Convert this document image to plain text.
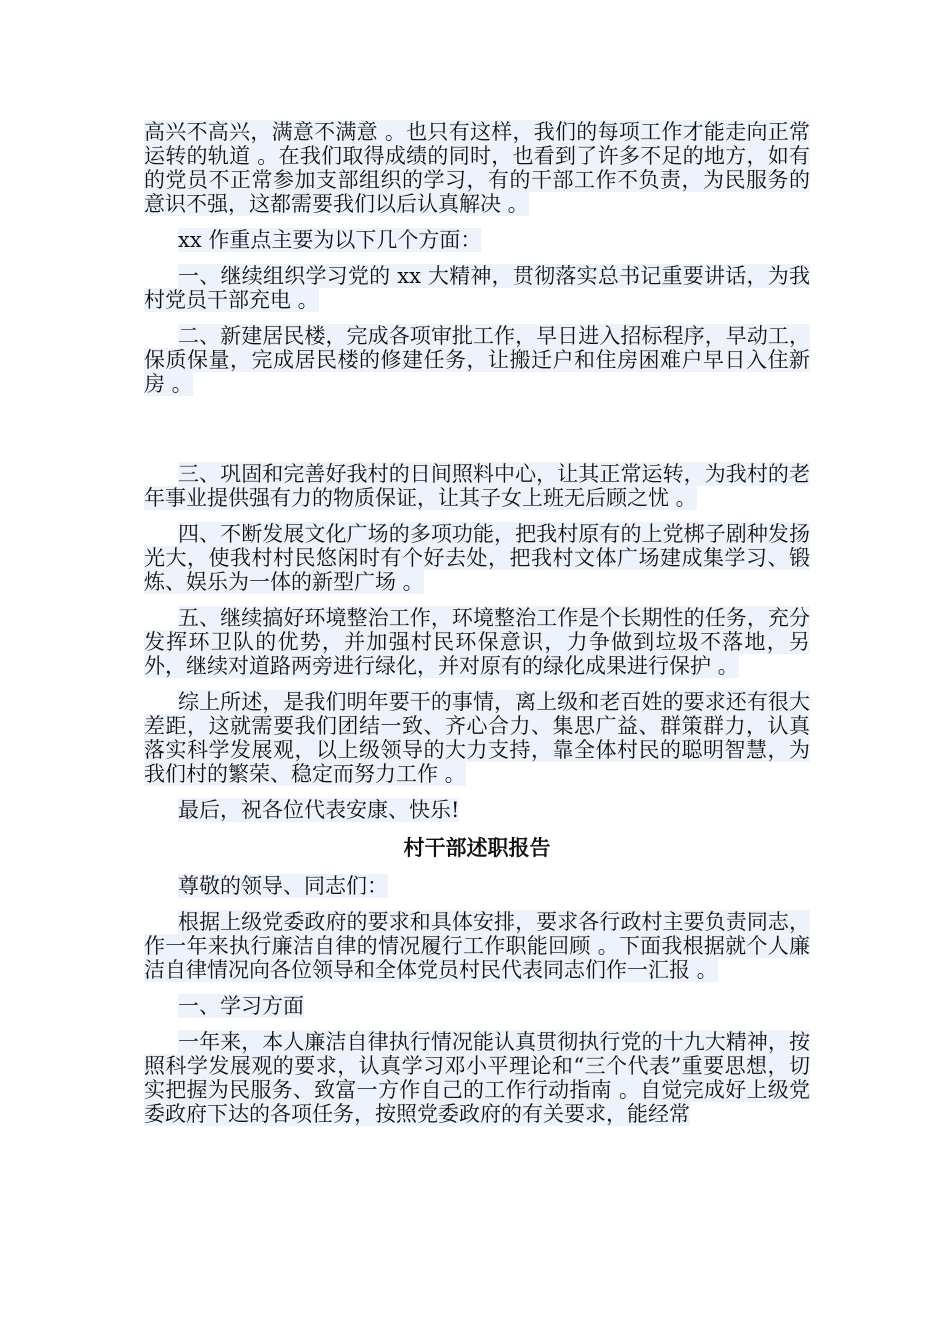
高兴不高兴，满意不满意 。也只有这样，我们的每项工作才能走向正常运转的轨道 。在我们取得成绩的同时，也看到了许多不足的地方，如有的党员不正常参加支部组织的学习，有的干部工作不负责，为民服务的意识不强，这都需要我们以后认真解决 。

xx 作重点主要为以下几个方面：

一、继续组织学习党的 xx 大精神，贯彻落实总书记重要讲话，为我村党员干部充电 。

二、新建居民楼，完成各项审批工作，早日进入招标程序，早动工，保质保量，完成居民楼的修建任务，让搬迁户和住房困难户早日入住新房 。

三、巩固和完善好我村的日间照料中心，让其正常运转，为我村的老年事业提供强有力的物质保证，让其子女上班无后顾之忧 。

四、不断发展文化广场的多项功能，把我村原有的上党梆子剧种发扬光大，使我村村民悠闲时有个好去处，把我村文体广场建成集学习、锻炼、娱乐为一体的新型广场 。

五、继续搞好环境整治工作，环境整治工作是个长期性的任务，充分发挥环卫队的优势，并加强村民环保意识，力争做到垃圾不落地，另外，继续对道路两旁进行绿化，并对原有的绿化成果进行保护 。

综上所述，是我们明年要干的事情，离上级和老百姓的要求还有很大差距，这就需要我们团结一致、齐心合力、集思广益、群策群力，认真落实科学发展观，以上级领导的大力支持，靠全体村民的聪明智慧，为我们村的繁荣、稳定而努力工作 。

最后，祝各位代表安康、快乐!

村干部述职报告

尊敬的领导、同志们：

根据上级党委政府的要求和具体安排，要求各行政村主要负责同志，作一年来执行廉洁自律的情况履行工作职能回顾 。下面我根据就个人廉洁自律情况向各位领导和全体党员村民代表同志们作一汇报 。

一、学习方面

一年来，本人廉洁自律执行情况能认真贯彻执行党的十九大精神，按照科学发展观的要求，认真学习邓小平理论和“三个代表”重要思想，切实把握为民服务、致富一方作自己的工作行动指南 。自觉完成好上级党委政府下达的各项任务，按照党委政府的有关要求，能经常
